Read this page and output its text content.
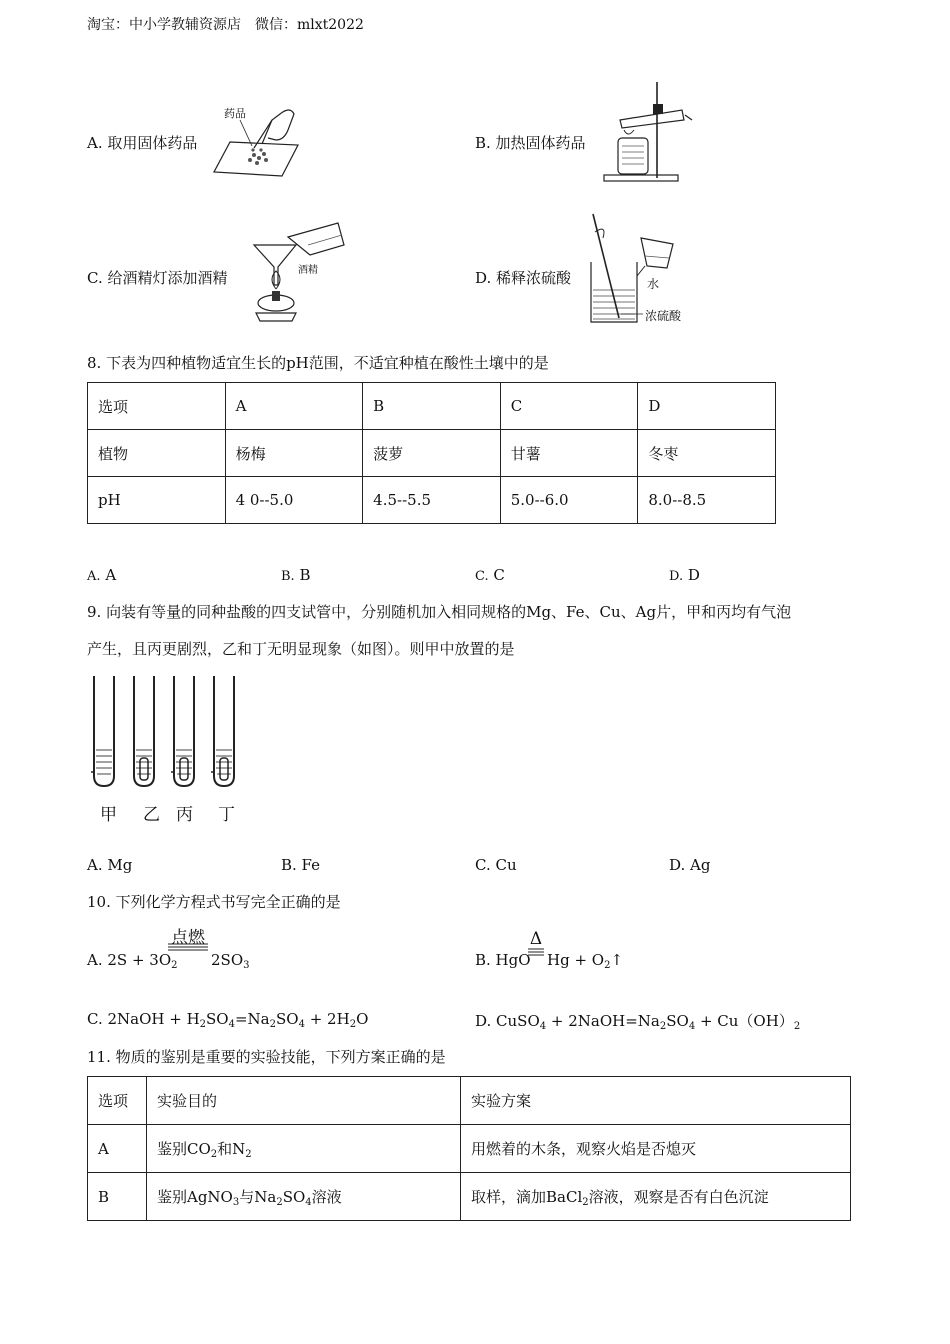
淘宝：中小学教辅资源店　微信：mlxt2022
A. 取用固体药品	B. 加热固体药品
C. 给酒精灯添加酒精	D. 稀释浓硫酸
药品
酒精
水
浓硫酸
8. 下表为四种植物适宜生长的pH范围，不适宜种植在酸性土壤中的是
选项	A	B	C	D
植物	杨梅	菠萝	甘薯	冬枣
pH	4 0--5.0	4.5--5.5	5.0--6.0	8.0--8.5
A. A	B. B	C. C	D. D
9. 向装有等量的同种盐酸的四支试管中，分别随机加入相同规格的Mg、Fe、Cu、Ag片，甲和丙均有气泡
产生，且丙更剧烈，乙和丁无明显现象（如图）。则甲中放置的是
甲 乙 丙 丁
A. Mg	B. Fe	C. Cu	D. Ag
10. 下列化学方程式书写完全正确的是
A. $2S + 3O_2$
点燃
$2SO_3$	B. HgO
Δ
$Hg + O_2↑$
C. 2NaOH + $H_2SO_4=Na_2SO_4 + 2H_2O$	D. CuSO$_4$ + $2NaOH=Na_2SO_4 + Cu(OH)_2$
11. 物质的鉴别是重要的实验技能，下列方案正确的是
选项	实验目的	实验方案
A	鉴别$CO_2$和$N_2$	用燃着的木条，观察火焰是否熄灭
B	鉴别AgNO$_3$与$Na_2SO_4$溶液	取样，滴加BaCl$_2$溶液，观察是否有白色沉淀
